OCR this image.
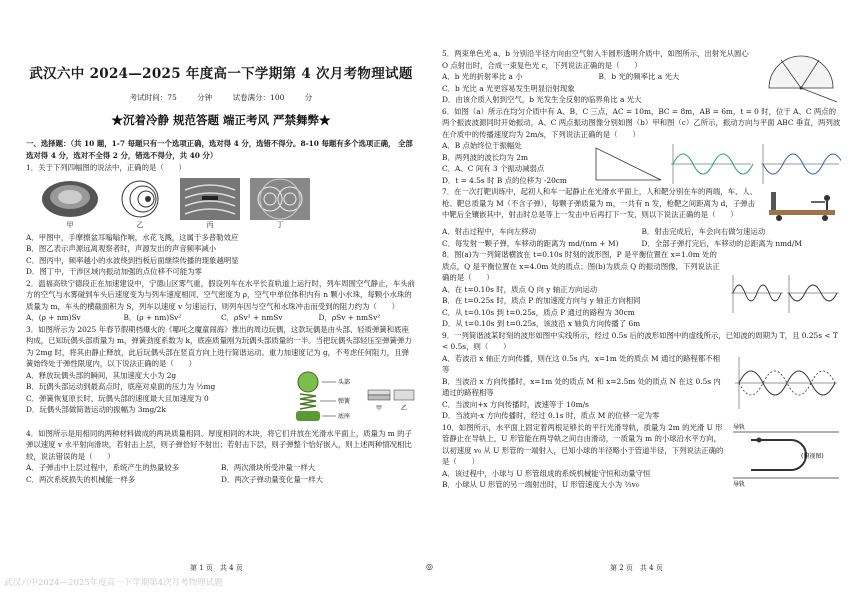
武汉六中 2024—2025 年度高一下学期第 4 次月考物理试题
考试时间：75 分钟	试卷满分：100 分
★沉着冷静 规范答题 端正考风 严禁舞弊★
一、选择题：（共 10 题，1-7 每题只有一个选项正确，选对得 4 分，选错不得分。8-10 每题有多个选项正确， 全部选对得 4 分，选对不全得 2 分，错选不得分，共 40 分）

1．关于下列四幅图的说法中，正确的是（　　）

甲	乙	丙	丁
A．甲图中，手摩擦盆耳嗡嗡作响，水花飞溅，这属于多普勒效应
B．图乙表示声源远离观察者时，声源发出的声音频率减小
C．图丙中，频率越小的水波绕到挡板后面继续传播的现象越明显
D．图丁中，干涉区域内振动加强的点位移不可能为零

2．温福高铁宁德段正在加速建设中，宁德山区雾气重，假设列车在水平长直轨道上运行时，列车周围空气静止，车头前方的空气与水雾碰到车头后速度变为与列车速度相同，空气密度为 ρ，空气中单位体积内有 n 颗小水珠，每颗小水珠的质量为 m，车头的横截面积为 S，列车以速度 v 匀速运行，则列车因与空气和水珠冲击而受到的阻力约为（　　）

A．(ρ + nm)Sv	B．(ρ + nm)Sv²	C．ρSv² + nmSv	D．ρSv + nmSv²

3．如图所示为 2025 年春节假期档爆火的《哪吒之魔童闹海》推出的周边玩偶，这款玩偶是由头部、轻质弹簧和底座构成，已知玩偶头部质量为 m，弹簧劲度系数为 k，底座质量刚为玩偶头部质量的一半。当把玩偶头部轻压至弹簧弹力为 2mg 时，将其由静止释放，此后玩偶头部在竖直方向上进行简谐运动。重力加速度记为 g，不考虑任何阻力，且弹簧始终处于弹性限度内，以下说法正确的是（　　）

A．释放玩偶头部的瞬间，其加速度大小为 2g
B．玩偶头部运动到最高点时，底座对桌面的压力为 ½mg
C．弹簧恢复原长时，玩偶头部的速度最大且加速度为 0
D．玩偶头部做简谐运动的振幅为 3mg/2k
头部
弹簧
底座
甲	乙

4．如图所示是用相同的两种材料做成的两块质量相同、厚度相同的木块，将它们并放在光滑水平面上，质量为 m 的子弹以速度 v 水平射向滑块，若射击上层，则子弹恰好不射出；若射击下层，则子弹整个恰好嵌入，则上述两种情况相比较，说法错误的是（　　）

A．子弹击中上层过程中，系统产生的热量较多	B．两次滑块所受冲量一样大
C．两次系统损失的机械能一样多	D．两次子弹动量变化量一样大

5．两束单色光 a、b 分别沿半径方向由空气射入半圆形透明介质中，如图所示，出射光从圆心 O 点射出时，合成一束复色光 c，下列说法正确的是（　　）

A．b 光的折射率比 a 小	B．b 光的频率比 a 光大
C．b 光比 a 光更容易发生明显衍射现象
D．由该介质入射到空气，b 光发生全反射的临界角比 a 光大

6．如图（a）所示在均匀介质中有 A、B、C 三点，AC = 10m，BC = 8m，AB = 6m，t = 0 时，位于 A、C 两点的两个振波波源同时开始振动，A、C 两点振动图像分别如图（b）甲和图（c）乙所示，振动方向与平面 ABC 垂直，两列波在介质中的传播速度均为 2m/s，下列说法正确的是（　　）

A．B 点始终位于振幅处
B．两列波的波长均为 2m
C．A、C 间有 3 个振动减弱点
D．t = 4.5s 时 B 点的位移为 -20cm

7．在一次打靶训练中，起初人和车一起静止在光滑水平面上，人和靶分别在车的两端，车、人、枪、靶总质量为 M（不含子弹），每颗子弹质量为 m，一共有 n 发，枪靶之间距离为 d，子弹击中靶后全镶嵌其中，射击时总是等上一发击中后再打下一发，则以下说法正确的是（　　）

A．射击过程中，车向左移动	B．射击完成后，车会向右做匀速运动
C．每发射一颗子弹，车移动的距离为 md/(nm + M)	D．全部子弹打完后，车移动的总距离为 nmd/M

8．图(a)为一列简谐横波在 t=0.10s 时刻的波形图，P 是平衡位置在 x=1.0m 处的质点，Q 是平衡位置在 x=4.0m 处的质点；图(b)为质点 Q 的振动图像，下列说法正确的是（　　）

A．在 t=0.10s 时，质点 Q 向 y 轴正方向运动
B．在 t=0.25s 时，质点 P 的加速度方向与 y 轴正方向相同
C．从 t=0.10s 到 t=0.25s，质点 P 通过的路程为 30cm
D．从 t=0.10s 到 t=0.25s，该波沿 x 轴负方向传播了 6m

9．一列简谐波某时刻的波形如图中实线所示，经过 0.5s 后的波形如图中的虚线所示，已知波的周期为 T，且 0.25s < T < 0.5s，则（　　）

A．若波沿 x 轴正方向传播，则在这 0.5s 内，x=1m 处的质点 M 通过的路程都不相等
B．当波沿 x 方向传播时，x=1m 处的质点 M 和 x=2.5m 处的质点 N 在这 0.5s 内通过的路程相等
C．当波向+x 方向传播时，波速等于 10m/s
D．当波向-x 方向传播时，经过 0.1s 时，质点 M 的位移一定为零

10．如图所示，水平面上固定着两根足够长的平行光滑导轨，质量为 2m 的光滑 U 形管静止在导轨上，U 形管能在两导轨之间自由滑动，一质量为 m 的小球沿水平方向，以初速度 v₀ 从 U 形管的一端射入，已知小球的半径略小于管道半径，下列说法正确的是（　　）

A．该过程中，小球与 U 形管组成的系统机械能守恒和动量守恒
B．小球从 U 形管的另一端射出时，U 形管速度大小为 ⅔v₀
导轨
(俯视图)
导轨
第 1 页　共 4 页	◎	第 2 页　共 4 页
武汉六中2024—2025年度高一下学期第4次月考物理试题
